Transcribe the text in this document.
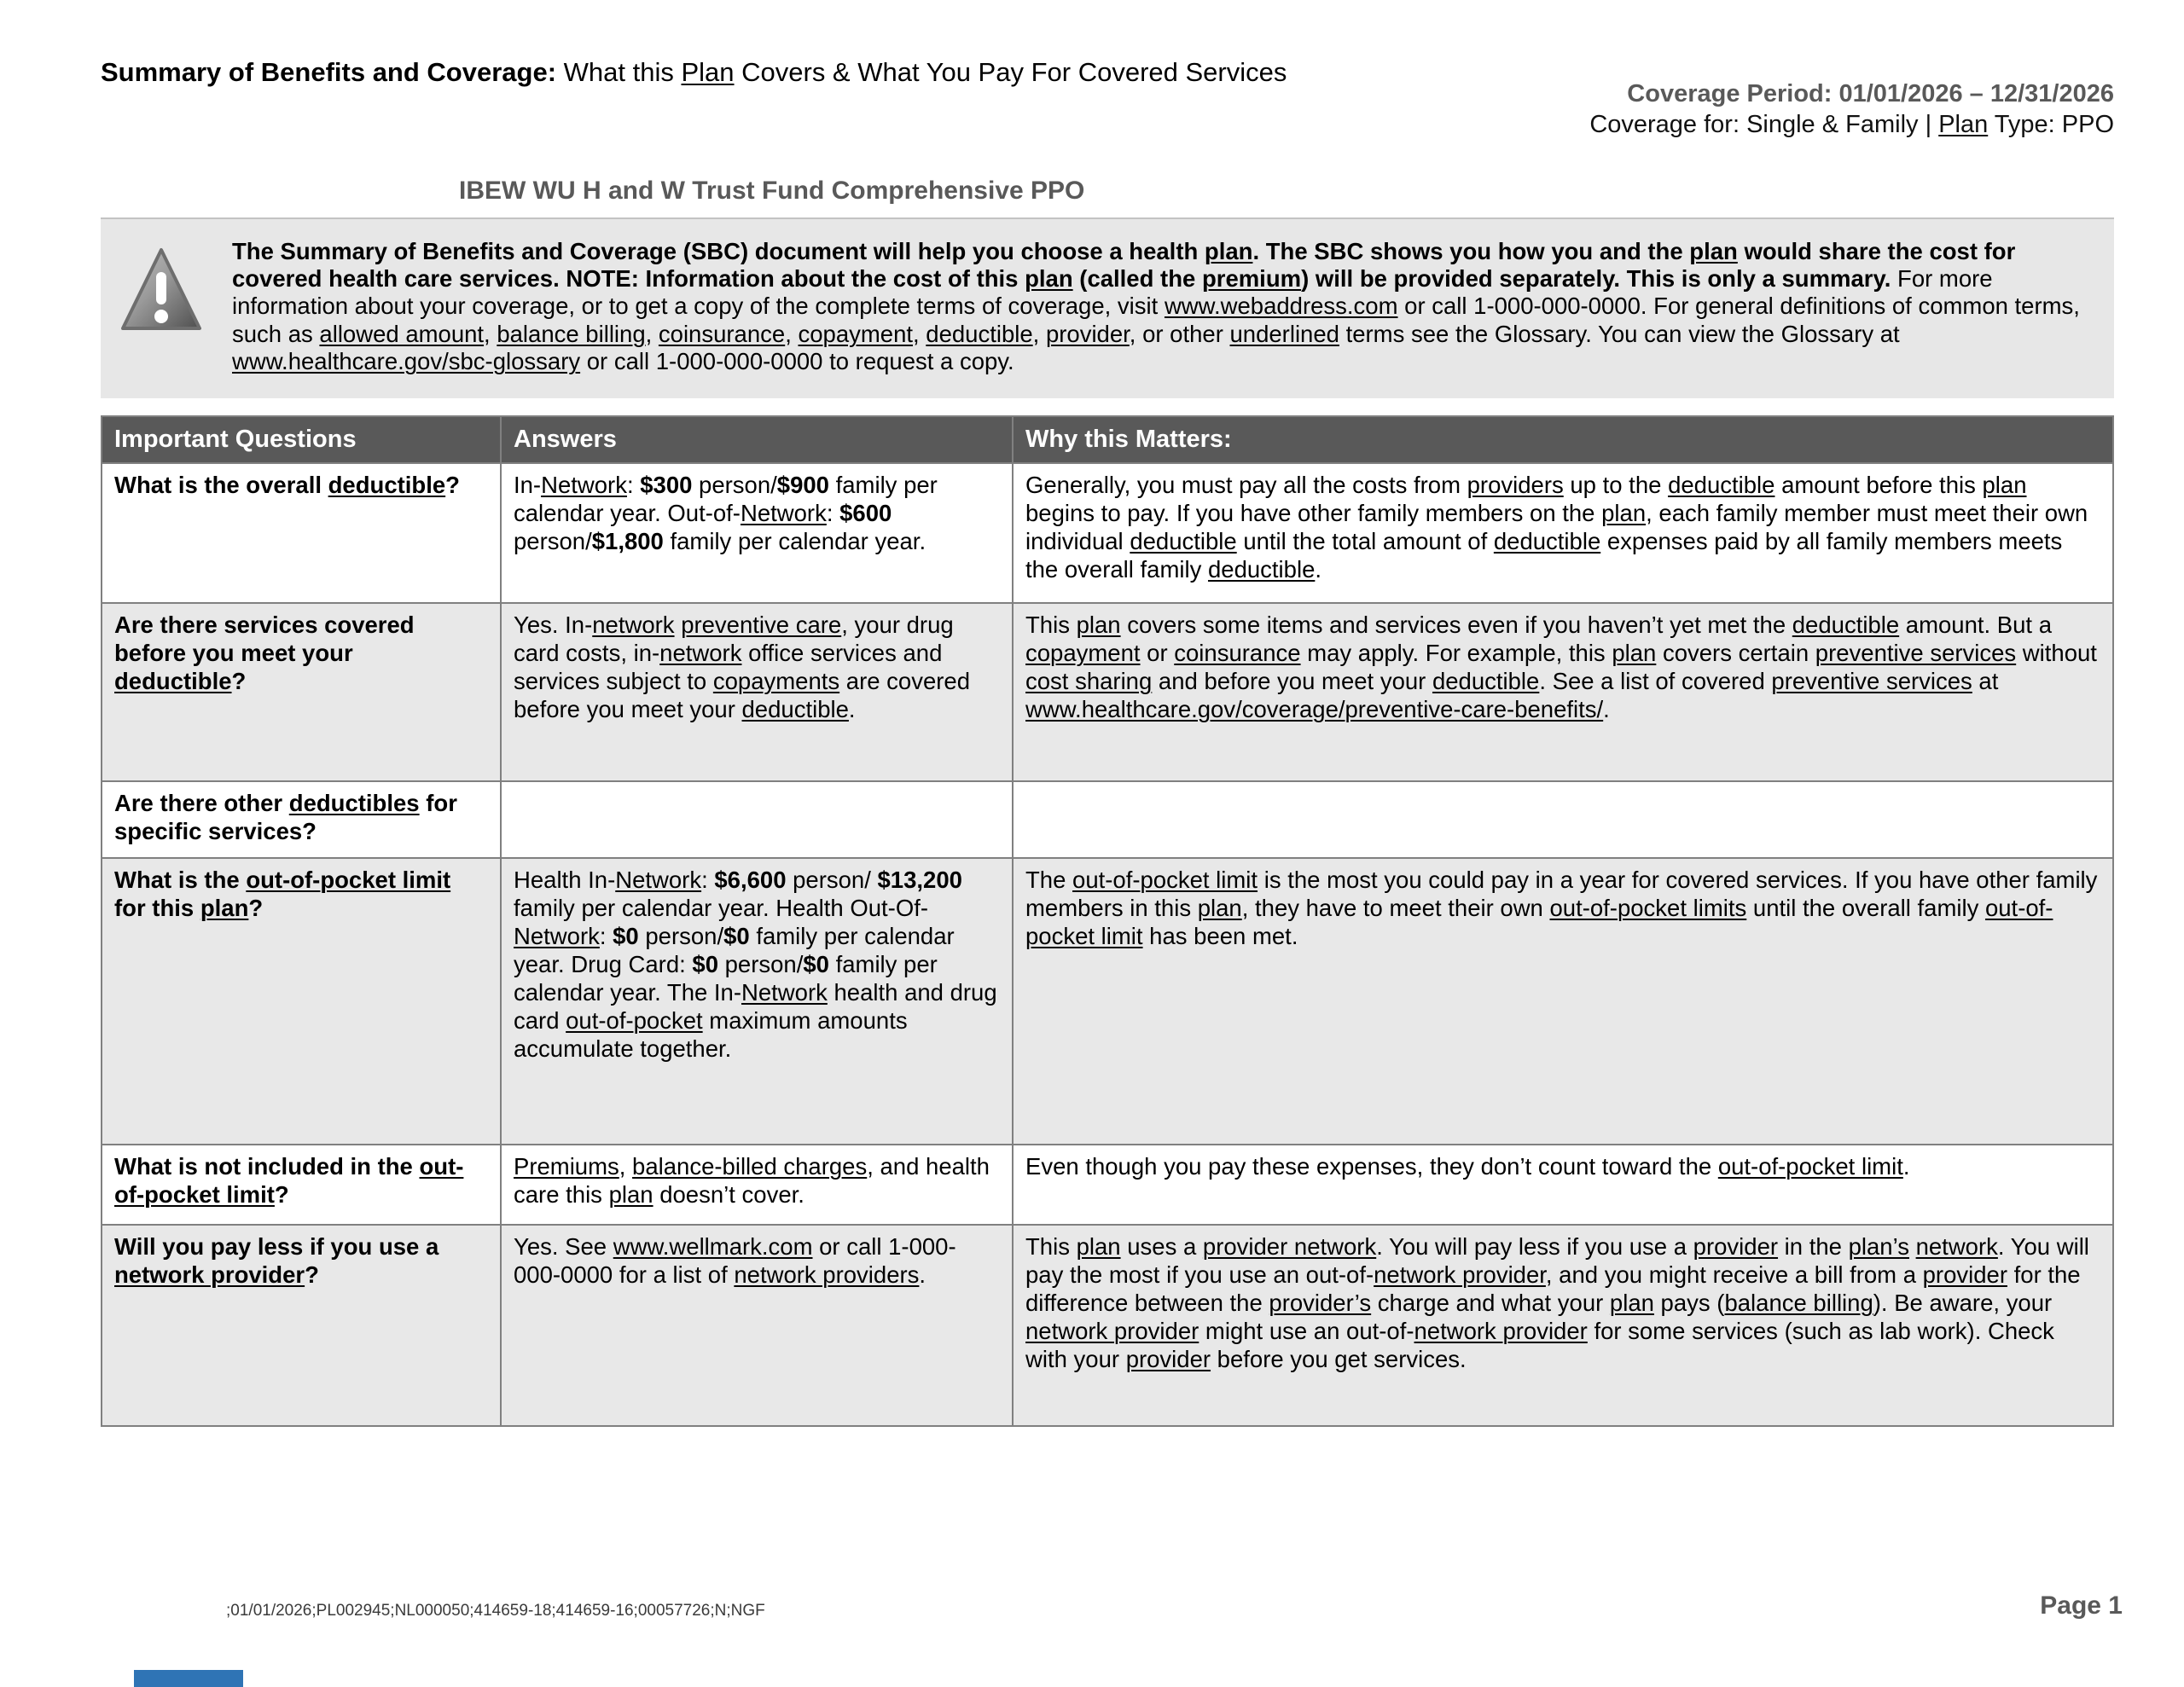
Summary of Benefits and Coverage: What this Plan Covers & What You Pay For Covered Services
Coverage Period: 01/01/2026 – 12/31/2026
Coverage for: Single & Family | Plan Type: PPO
IBEW WU H and W Trust Fund Comprehensive PPO
The Summary of Benefits and Coverage (SBC) document will help you choose a health plan. The SBC shows you how you and the plan would share the cost for covered health care services. NOTE: Information about the cost of this plan (called the premium) will be provided separately. This is only a summary. For more information about your coverage, or to get a copy of the complete terms of coverage, visit www.webaddress.com or call 1-000-000-0000. For general definitions of common terms, such as allowed amount, balance billing, coinsurance, copayment, deductible, provider, or other underlined terms see the Glossary. You can view the Glossary at www.healthcare.gov/sbc-glossary or call 1-000-000-0000 to request a copy.
Important Questions	Answers	Why this Matters:
What is the overall deductible?	In-Network: $300 person/$900 family per calendar year. Out-of-Network: $600 person/$1,800 family per calendar year.	Generally, you must pay all the costs from providers up to the deductible amount before this plan begins to pay. If you have other family members on the plan, each family member must meet their own individual deductible until the total amount of deductible expenses paid by all family members meets the overall family deductible.
Are there services covered before you meet your deductible?	Yes. In-network preventive care, your drug card costs, in-network office services and services subject to copayments are covered before you meet your deductible.	This plan covers some items and services even if you haven’t yet met the deductible amount. But a copayment or coinsurance may apply. For example, this plan covers certain preventive services without cost sharing and before you meet your deductible. See a list of covered preventive services at www.healthcare.gov/coverage/preventive-care-benefits/.
Are there other deductibles for specific services?		
What is the out-of-pocket limit for this plan?	Health In-Network: $6,600 person/ $13,200 family per calendar year. Health Out-Of-Network: $0 person/$0 family per calendar year. Drug Card: $0 person/$0 family per calendar year. The In-Network health and drug card out-of-pocket maximum amounts accumulate together.	The out-of-pocket limit is the most you could pay in a year for covered services. If you have other family members in this plan, they have to meet their own out-of-pocket limits until the overall family out-of-pocket limit has been met.
What is not included in the out-of-pocket limit?	Premiums, balance-billed charges, and health care this plan doesn’t cover.	Even though you pay these expenses, they don’t count toward the out-of-pocket limit.
Will you pay less if you use a network provider?	Yes. See www.wellmark.com or call 1-000-000-0000 for a list of network providers.	This plan uses a provider network. You will pay less if you use a provider in the plan’s network. You will pay the most if you use an out-of-network provider, and you might receive a bill from a provider for the difference between the provider’s charge and what your plan pays (balance billing). Be aware, your network provider might use an out-of-network provider for some services (such as lab work). Check with your provider before you get services.
;01/01/2026;PL002945;NL000050;414659-18;414659-16;00057726;N;NGF	Page 1
